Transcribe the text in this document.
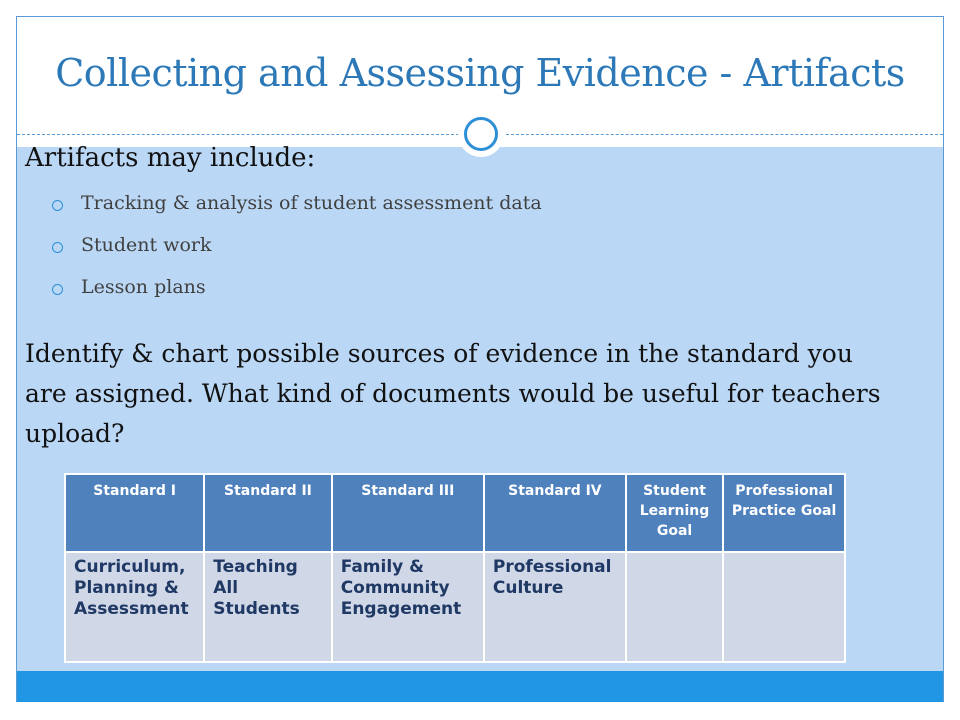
Collecting and Assessing Evidence - Artifacts
Artifacts may include:
Tracking & analysis of student assessment data
Student work
Lesson plans
Identify & chart possible sources of evidence in the standard you are assigned. What kind of documents would be useful for teachers upload?
Standard I	Standard II	Standard III	Standard IV	Student Learning Goal	Professional Practice Goal
Curriculum, Planning & Assessment	Teaching All Students	Family & Community Engagement	Professional Culture		
